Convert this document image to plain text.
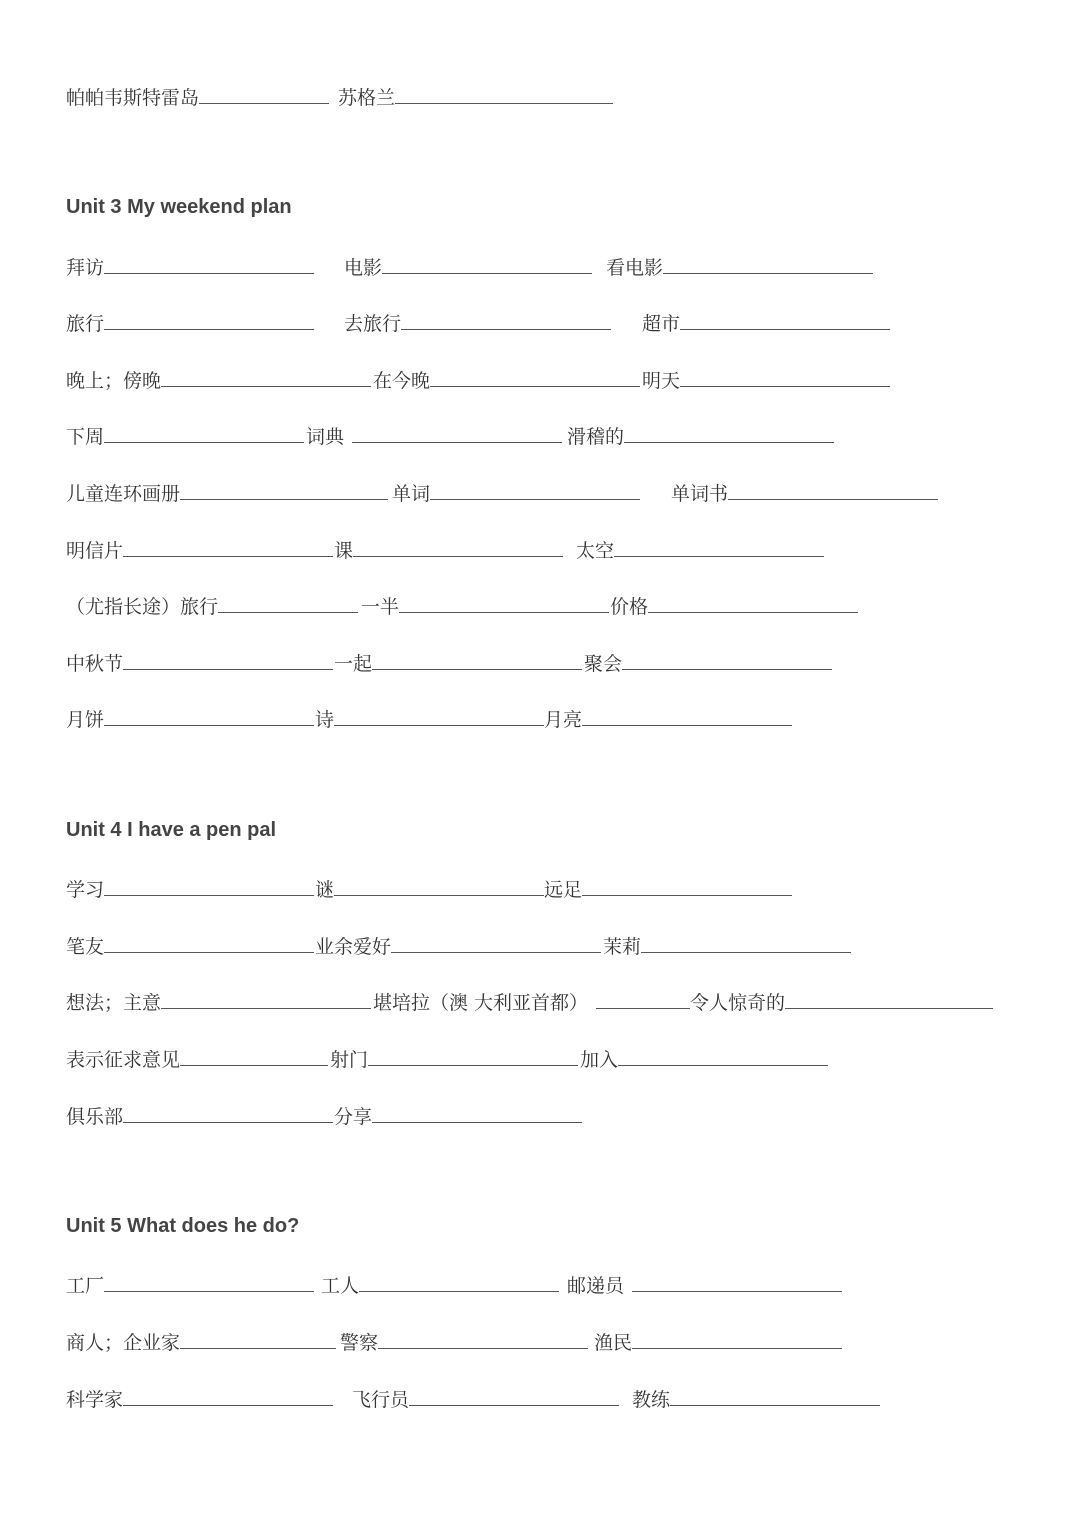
帕帕韦斯特雷岛	苏格兰
Unit 3 My weekend plan
拜访	电影	看电影
旅行	去旅行	超市
晚上；傍晚	在今晚	明天
下周	词典	滑稽的
儿童连环画册	单词	单词书
明信片	课	太空
（尤指长途）旅行	一半	价格
中秋节	一起	聚会
月饼	诗	月亮
Unit 4 I have a pen pal
学习	谜	远足
笔友	业余爱好	茉莉
想法；主意	堪培拉（澳 大利亚首都）	令人惊奇的
表示征求意见	射门	加入
俱乐部	分享
Unit 5 What does he do?
工厂	工人	邮递员
商人；企业家	警察	渔民
科学家	飞行员	教练
